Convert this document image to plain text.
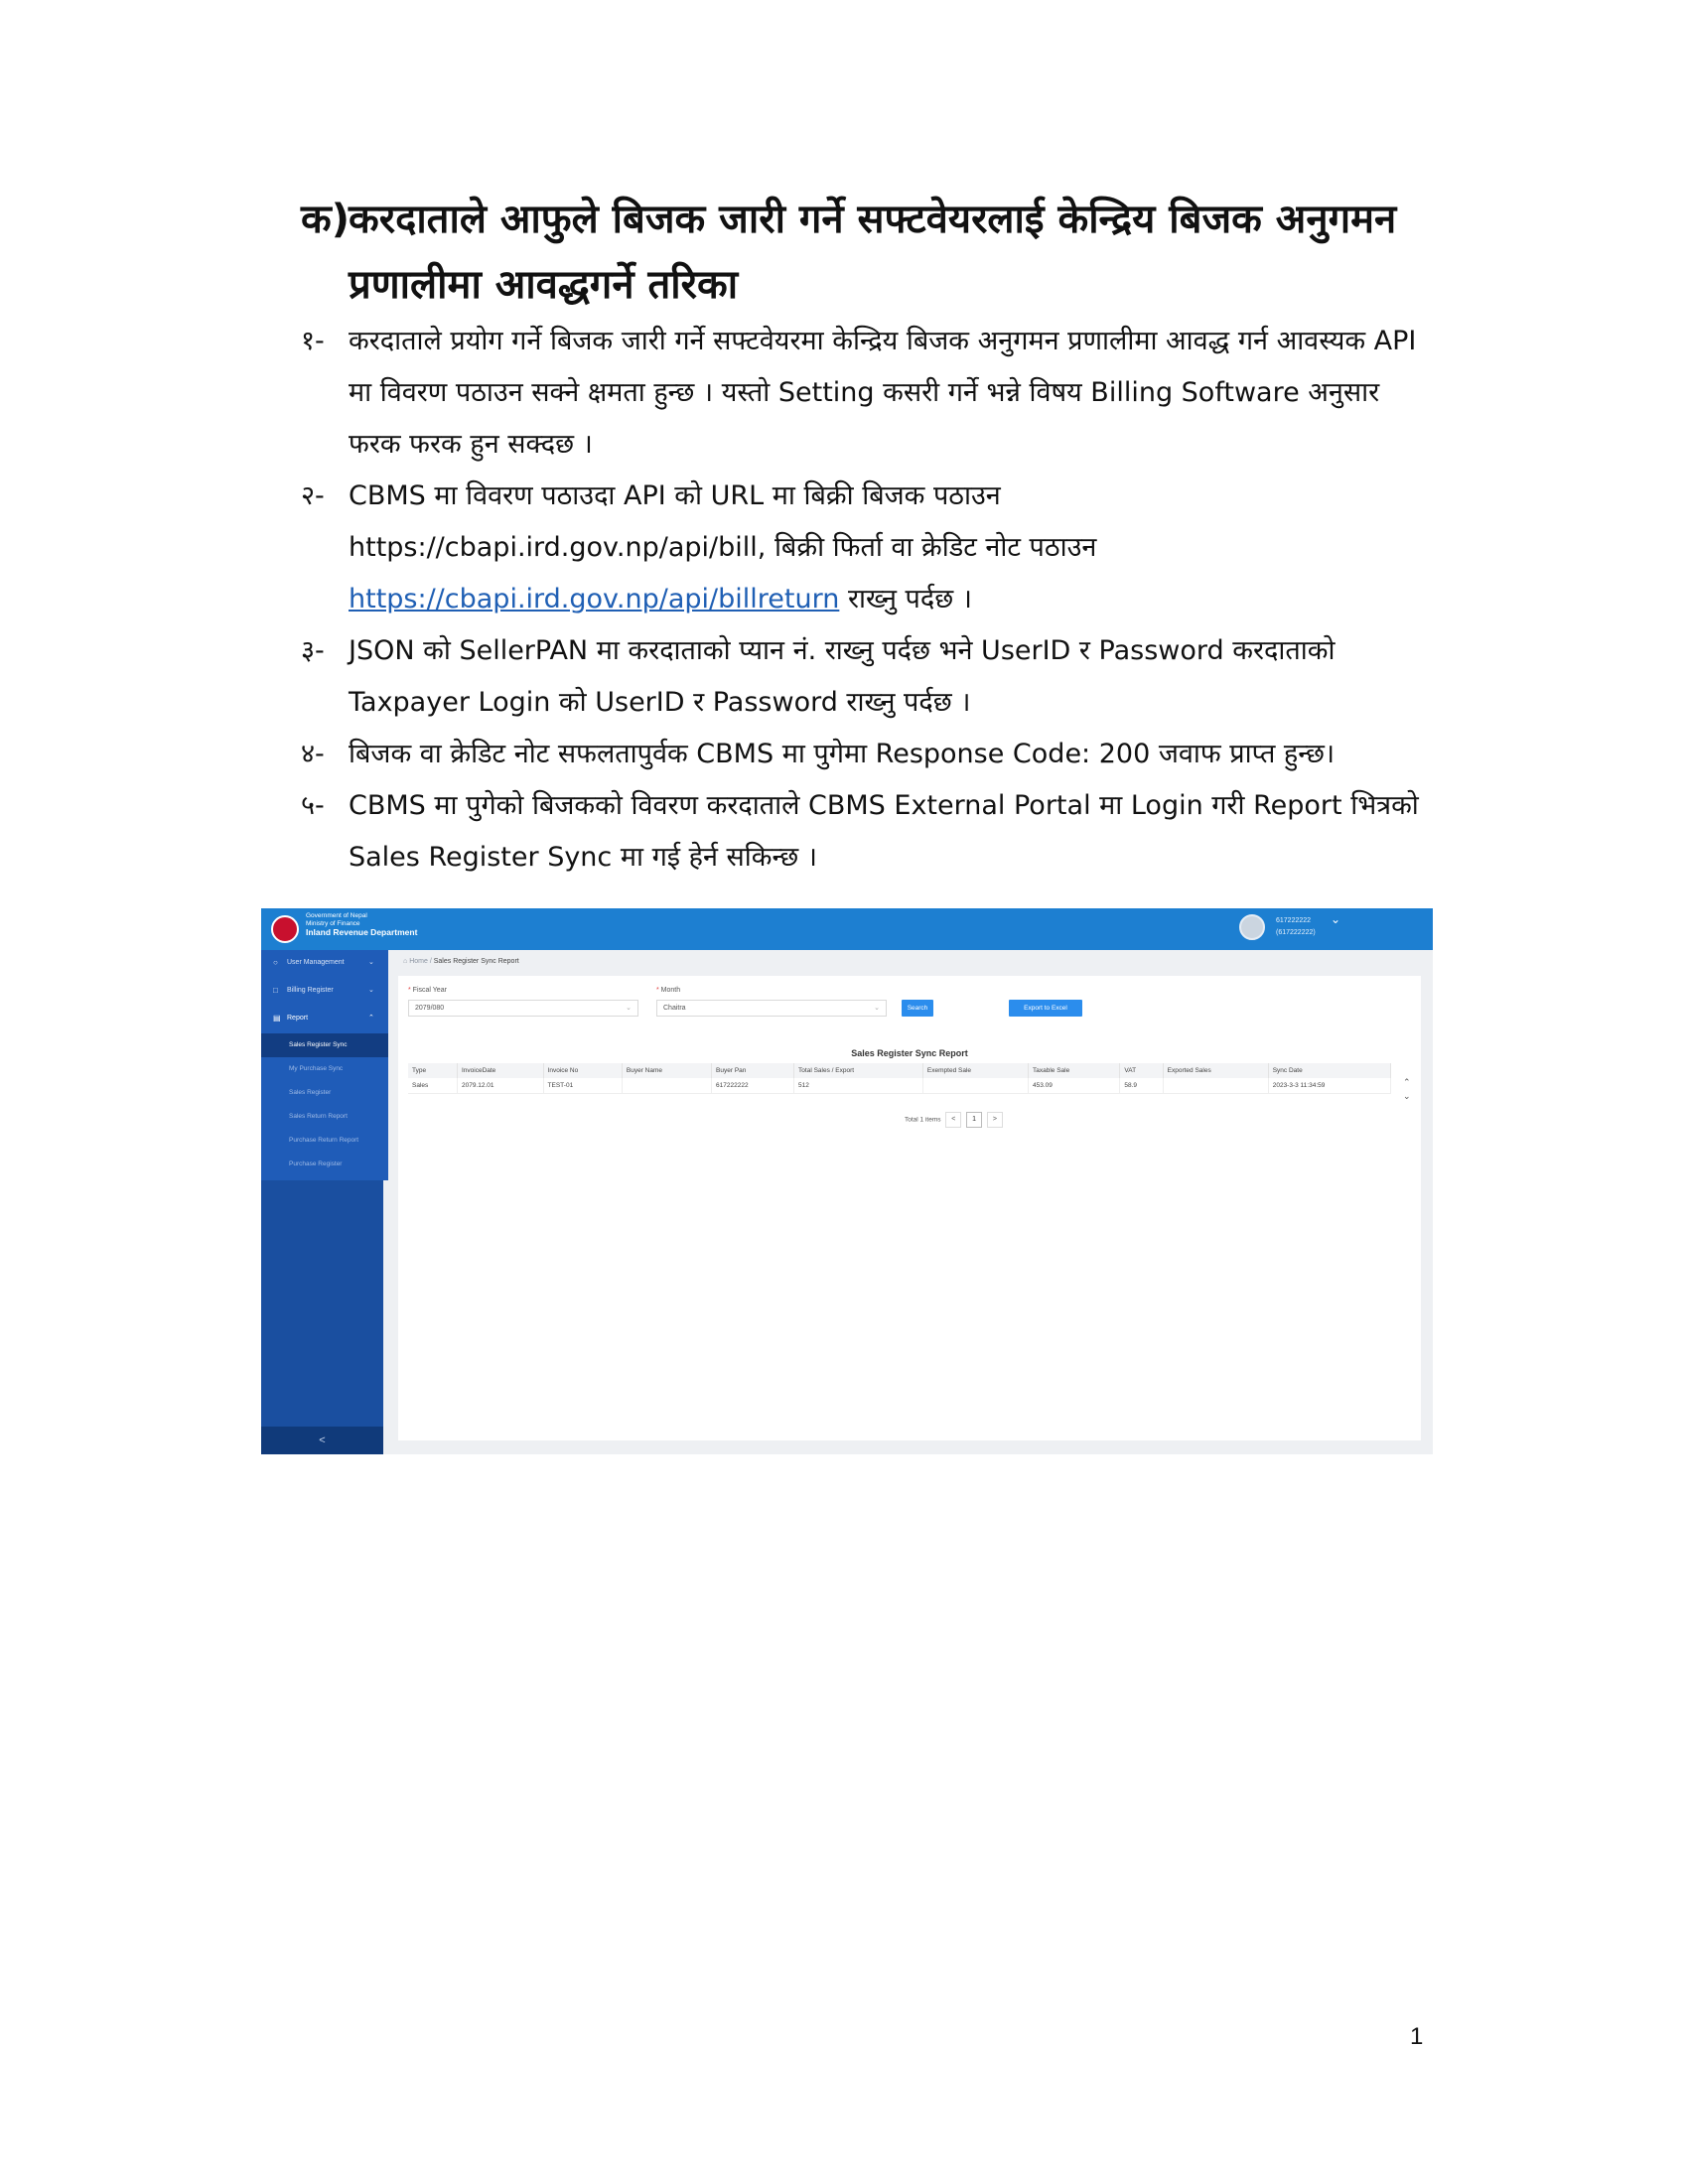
क)करदाताले आफुले बिजक जारी गर्ने सफ्टवेयरलाई केन्द्रिय बिजक अनुगमन
प्रणालीमा आवद्धगर्ने तरिका
१- करदाताले प्रयोग गर्ने बिजक जारी गर्ने सफ्टवेयरमा केन्द्रिय बिजक अनुगमन प्रणालीमा आवद्ध गर्न आवस्यक API मा विवरण पठाउन सक्ने क्षमता हुन्छ । यस्तो Setting कसरी गर्ने भन्ने विषय Billing Software अनुसार फरक फरक हुन सक्दछ ।
२- CBMS मा विवरण पठाउदा API को URL मा बिक्री बिजक पठाउन https://cbapi.ird.gov.np/api/bill, बिक्री फिर्ता वा क्रेडिट नोट पठाउन https://cbapi.ird.gov.np/api/billreturn राख्नु पर्दछ ।
३- JSON को SellerPAN मा करदाताको प्यान नं. राख्नु पर्दछ भने UserID र Password करदाताको Taxpayer Login को UserID र Password राख्नु पर्दछ ।
४- बिजक वा क्रेडिट नोट सफलतापुर्वक CBMS मा पुगेमा Response Code: 200 जवाफ प्राप्त हुन्छ।
५- CBMS मा पुगेको बिजकको विवरण करदाताले CBMS External Portal मा Login गरी Report भित्रको Sales Register Sync मा गई हेर्न सकिन्छ ।
Government of Nepal
Ministry of Finance
Inland Revenue Department
617222222
(617222222)
⌄
○ User Management	⌄
□ Billing Register	⌄
▤ Report	⌃
Sales Register Sync
My Purchase Sync
Sales Register
Sales Return Report
Purchase Return Report
Purchase Register
<
⌂ Home / Sales Register Sync Report
* Fiscal Year
2079/080	⌄
* Month
Chaitra	⌄	Search	Export to Excel
Sales Register Sync Report
Type	InvoiceDate	Invoice No	Buyer Name	Buyer Pan	Total Sales / Export	Exempted Sale	Taxable Sale	VAT	Exported Sales	Sync Date
Sales	2079.12.01	TEST-01		617222222	512		453.09	58.9		2023-3-3 11:34:59	⌃
⌄
Total 1 items < 1 >
1
